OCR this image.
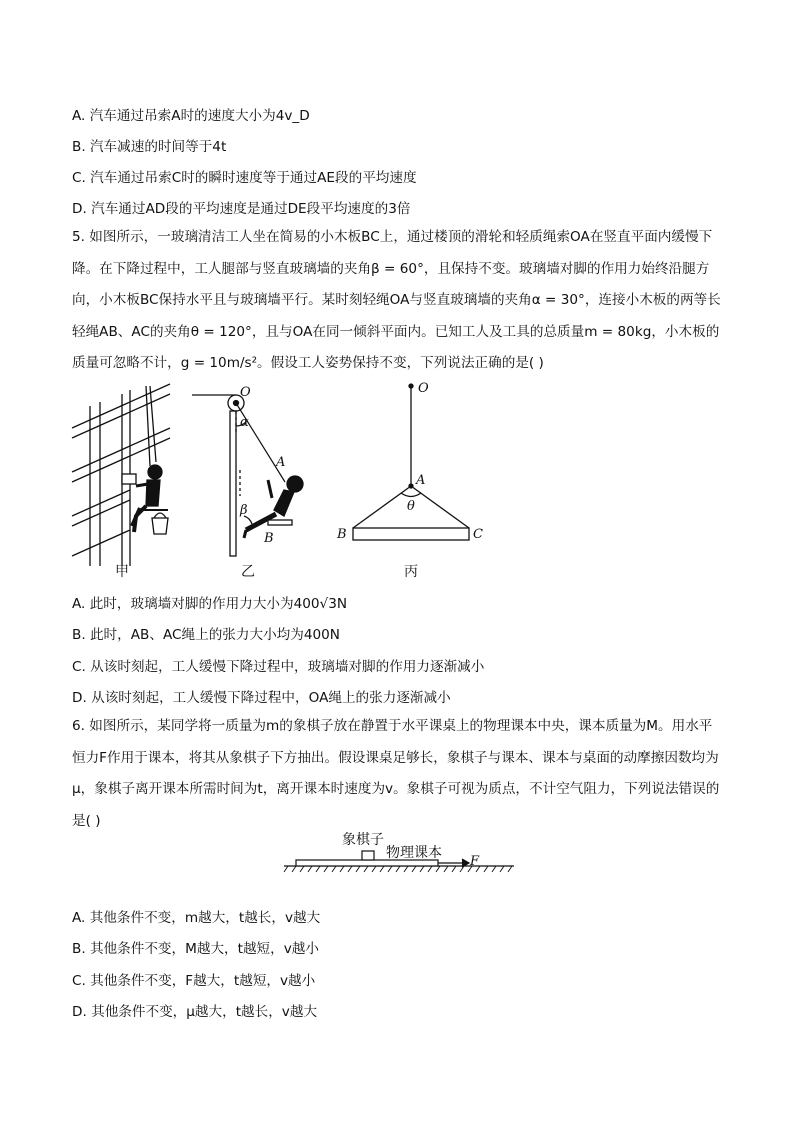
A. 汽车通过吊索A时的速度大小为4v_D
B. 汽车减速的时间等于4t
C. 汽车通过吊索C时的瞬时速度等于通过AE段的平均速度
D. 汽车通过AD段的平均速度是通过DE段平均速度的3倍
5. 如图所示，一玻璃清洁工人坐在简易的小木板BC上，通过楼顶的滑轮和轻质绳索OA在竖直平面内缓慢下降。在下降过程中，工人腿部与竖直玻璃墙的夹角β = 60°，且保持不变。玻璃墙对脚的作用力始终沿腿方向，小木板BC保持水平且与玻璃墙平行。某时刻轻绳OA与竖直玻璃墙的夹角α = 30°，连接小木板的两等长轻绳AB、AC的夹角θ = 120°，且与OA在同一倾斜平面内。已知工人及工具的总质量m = 80kg，小木板的质量可忽略不计，g = 10m/s²。假设工人姿势保持不变，下列说法正确的是( )
O
α
A
β
B
O
A
θ
B	C
甲	乙	丙
A. 此时，玻璃墙对脚的作用力大小为400√3N
B. 此时，AB、AC绳上的张力大小均为400N
C. 从该时刻起，工人缓慢下降过程中，玻璃墙对脚的作用力逐渐减小
D. 从该时刻起，工人缓慢下降过程中，OA绳上的张力逐渐减小
6. 如图所示，某同学将一质量为m的象棋子放在静置于水平课桌上的物理课本中央，课本质量为M。用水平恒力F作用于课本，将其从象棋子下方抽出。假设课桌足够长，象棋子与课本、课本与桌面的动摩擦因数均为μ，象棋子离开课本所需时间为t，离开课本时速度为v。象棋子可视为质点，不计空气阻力，下列说法错误的是( )
象棋子
物理课本
F
A. 其他条件不变，m越大，t越长，v越大
B. 其他条件不变，M越大，t越短，v越小
C. 其他条件不变，F越大，t越短，v越小
D. 其他条件不变，μ越大，t越长，v越大
